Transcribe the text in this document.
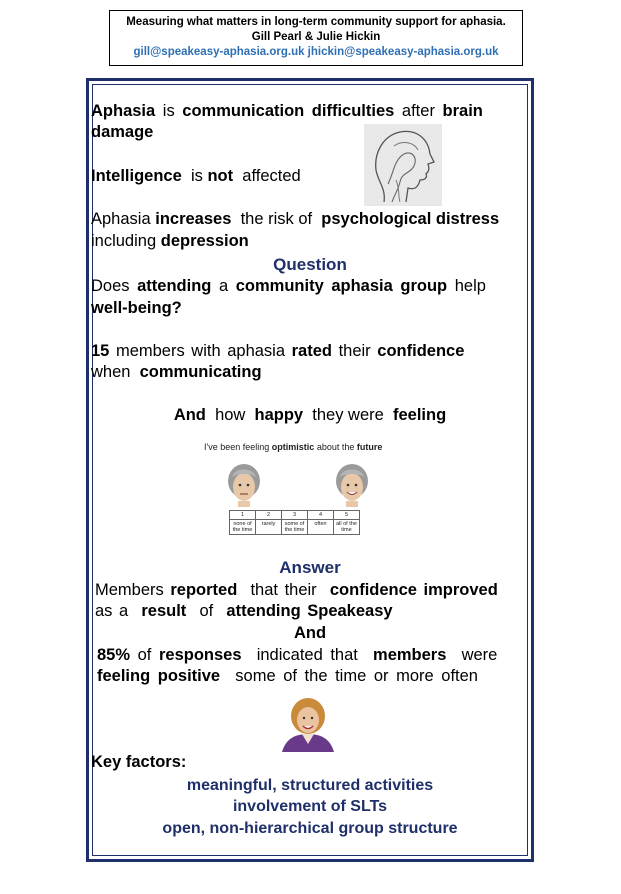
Measuring what matters in long-term community support for aphasia.
Gill Pearl & Julie Hickin
gill@speakeasy-aphasia.org.uk jhickin@speakeasy-aphasia.org.uk
Aphasia is communication difficulties after brain
damage
Intelligence is not affected
Aphasia increases the risk of psychological distress
including depression
Question
Does attending a community aphasia group help
well-being?
15 members with aphasia rated their confidence
when communicating
And how happy they were feeling
I've been feeling optimistic about the future
1	2	3	4	5
none of the time	rarely	some of the time	often	all of the time
Answer
Members reported that their confidence improved
as a result of attending Speakeasy
And
85% of responses indicated that members were
feeling positive some of the time or more often
Key factors:
meaningful, structured activities
involvement of SLTs
open, non-hierarchical group structure
